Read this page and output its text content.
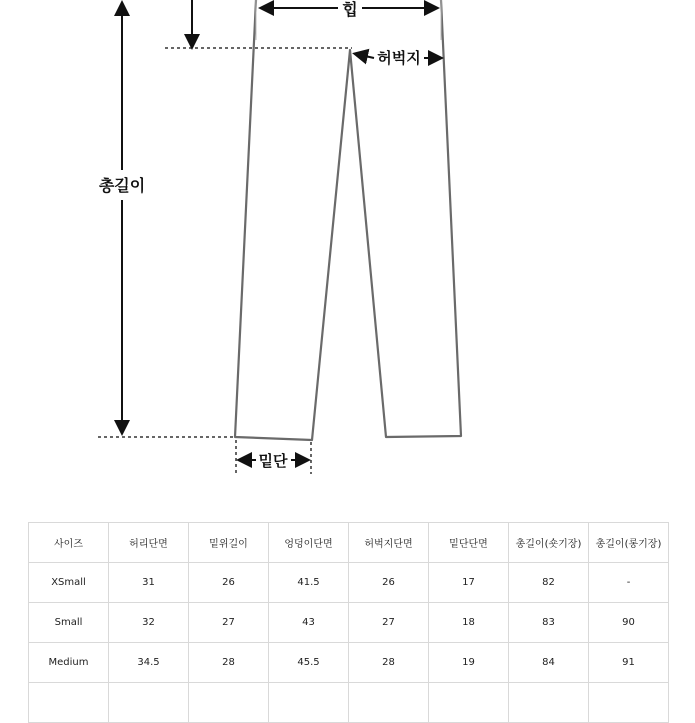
힙
허벅지
총길이
밑단
사이즈	허리단면	밑위길이	엉덩이단면	허벅지단면	밑단단면	총길이(숏기장)	총길이(롱기장)
XSmall	31	26	41.5	26	17	82	-
Small	32	27	43	27	18	83	90
Medium	34.5	28	45.5	28	19	84	91
